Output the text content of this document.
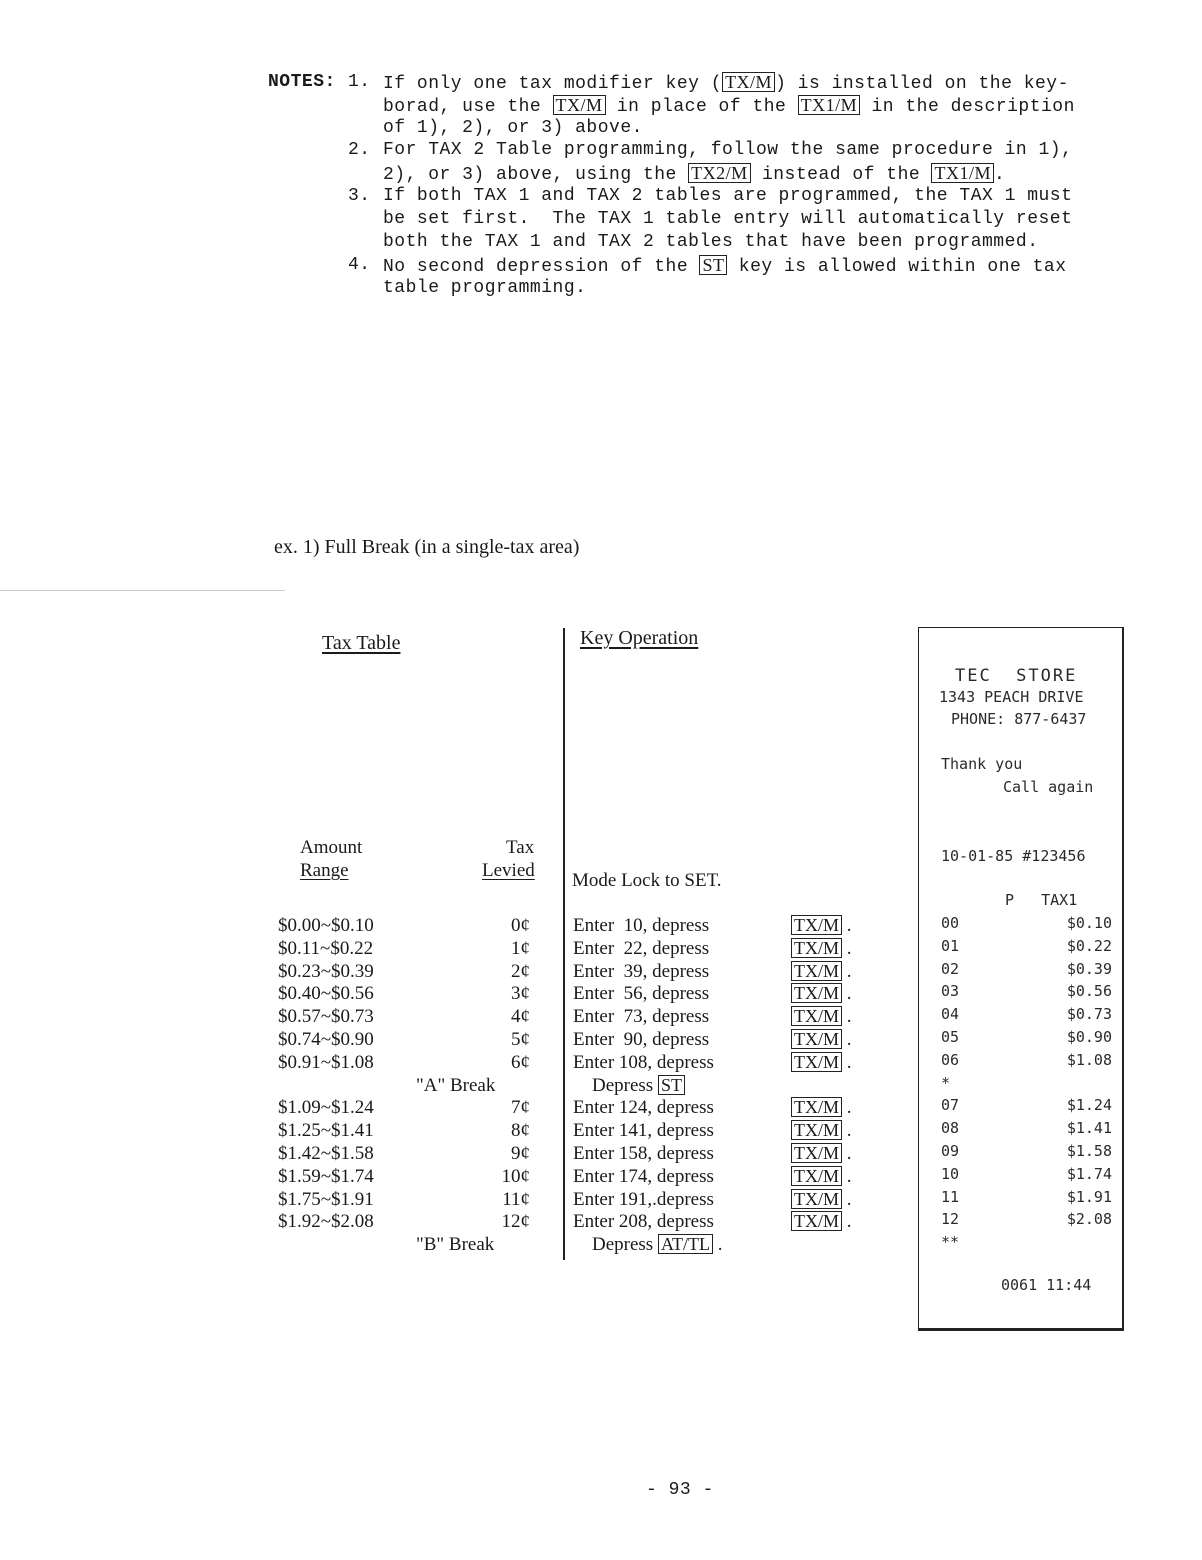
NOTES: 1. If only one tax modifier key ( TX/M ) is installed on the key-
borad, use the TX/M in place of the TX1/M in the description
of 1), 2), or 3) above.
2. For TAX 2 Table programming, follow the same procedure in 1),
2), or 3) above, using the TX2/M instead of the TX1/M .
3. If both TAX 1 and TAX 2 tables are programmed, the TAX 1 must
be set first.  The TAX 1 table entry will automatically reset
both the TAX 1 and TAX 2 tables that have been programmed.
4. No second depression of the ST key is allowed within one tax
table programming.
ex. 1) Full Break (in a single-tax area)
Tax Table
Amount
Range
Tax
Levied
$0.00~$0.10	0¢
$0.11~$0.22	1¢
$0.23~$0.39	2¢
$0.40~$0.56	3¢
$0.57~$0.73	4¢
$0.74~$0.90	5¢
$0.91~$1.08	6¢
"A" Break
$1.09~$1.24	7¢
$1.25~$1.41	8¢
$1.42~$1.58	9¢
$1.59~$1.74	10¢
$1.75~$1.91	11¢
$1.92~$2.08	12¢
"B" Break
Key Operation
Mode Lock to SET.
Enter  10, depress	TX/M .
Enter  22, depress	TX/M .
Enter  39, depress	TX/M .
Enter  56, depress	TX/M .
Enter  73, depress	TX/M .
Enter  90, depress	TX/M .
Enter 108, depress	TX/M .
Depress ST
Enter 124, depress	TX/M .
Enter 141, depress	TX/M .
Enter 158, depress	TX/M .
Enter 174, depress	TX/M .
Enter 191,.depress	TX/M .
Enter 208, depress	TX/M .
Depress AT/TL .
TEC  STORE
1343 PEACH DRIVE
PHONE: 877-6437
Thank you
Call again
10-01-85 #123456
P   TAX1
00	$0.10
01	$0.22
02	$0.39
03	$0.56
04	$0.73
05	$0.90
06	$1.08
*
07	$1.24
08	$1.41
09	$1.58
10	$1.74
11	$1.91
12	$2.08
**
0061 11:44
- 93 -
